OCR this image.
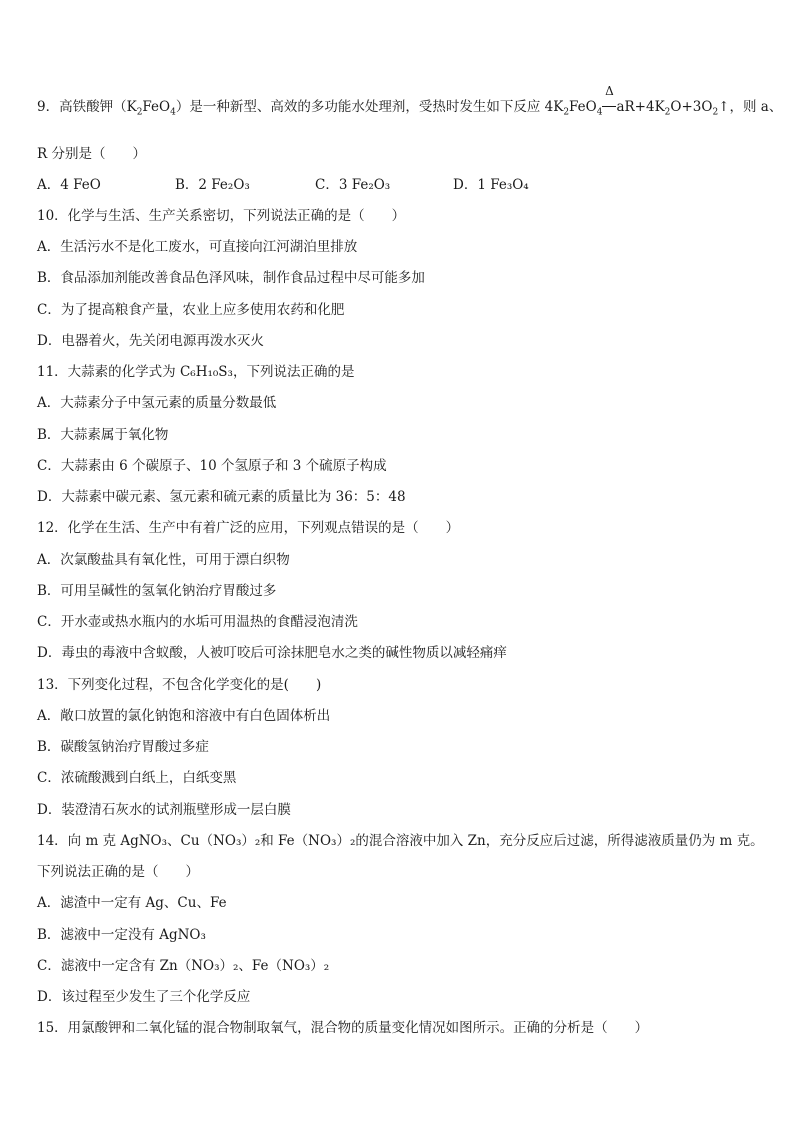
9．高铁酸钾$(K_2FeO_4)$是一种新型、高效的多功能水处理剂，受热时发生如下反应 $4K_2FeO_4$
Δ
$aR+4K_2O+3O_2↑$，则 a、
R 分别是（　　）
A．4 FeO	B．2 Fe₂O₃	C．3 Fe₂O₃	D．1 Fe₃O₄
10．化学与生活、生产关系密切，下列说法正确的是（　　）
A．生活污水不是化工废水，可直接向江河湖泊里排放
B．食品添加剂能改善食品色泽风味，制作食品过程中尽可能多加
C．为了提高粮食产量，农业上应多使用农药和化肥
D．电器着火，先关闭电源再泼水灭火
11．大蒜素的化学式为 C₆H₁₀S₃，下列说法正确的是
A．大蒜素分子中氢元素的质量分数最低
B．大蒜素属于氧化物
C．大蒜素由 6 个碳原子、10 个氢原子和 3 个硫原子构成
D．大蒜素中碳元素、氢元素和硫元素的质量比为 36：5：48
12．化学在生活、生产中有着广泛的应用，下列观点错误的是（　　）
A．次氯酸盐具有氧化性，可用于漂白织物
B．可用呈碱性的氢氧化钠治疗胃酸过多
C．开水壶或热水瓶内的水垢可用温热的食醋浸泡清洗
D．毒虫的毒液中含蚁酸，人被叮咬后可涂抹肥皂水之类的碱性物质以减轻痛痒
13．下列变化过程，不包含化学变化的是(　　)
A．敞口放置的氯化钠饱和溶液中有白色固体析出
B．碳酸氢钠治疗胃酸过多症
C．浓硫酸溅到白纸上，白纸变黑
D．装澄清石灰水的试剂瓶壁形成一层白膜
14．向 m 克 AgNO₃、Cu（NO₃）₂和 Fe（NO₃）₂的混合溶液中加入 Zn，充分反应后过滤，所得滤液质量仍为 m 克。
下列说法正确的是（　　）
A．滤渣中一定有 Ag、Cu、Fe
B．滤液中一定没有 AgNO₃
C．滤液中一定含有 Zn（NO₃）₂、Fe（NO₃）₂
D．该过程至少发生了三个化学反应
15．用氯酸钾和二氧化锰的混合物制取氧气，混合物的质量变化情况如图所示。正确的分析是（　　）
